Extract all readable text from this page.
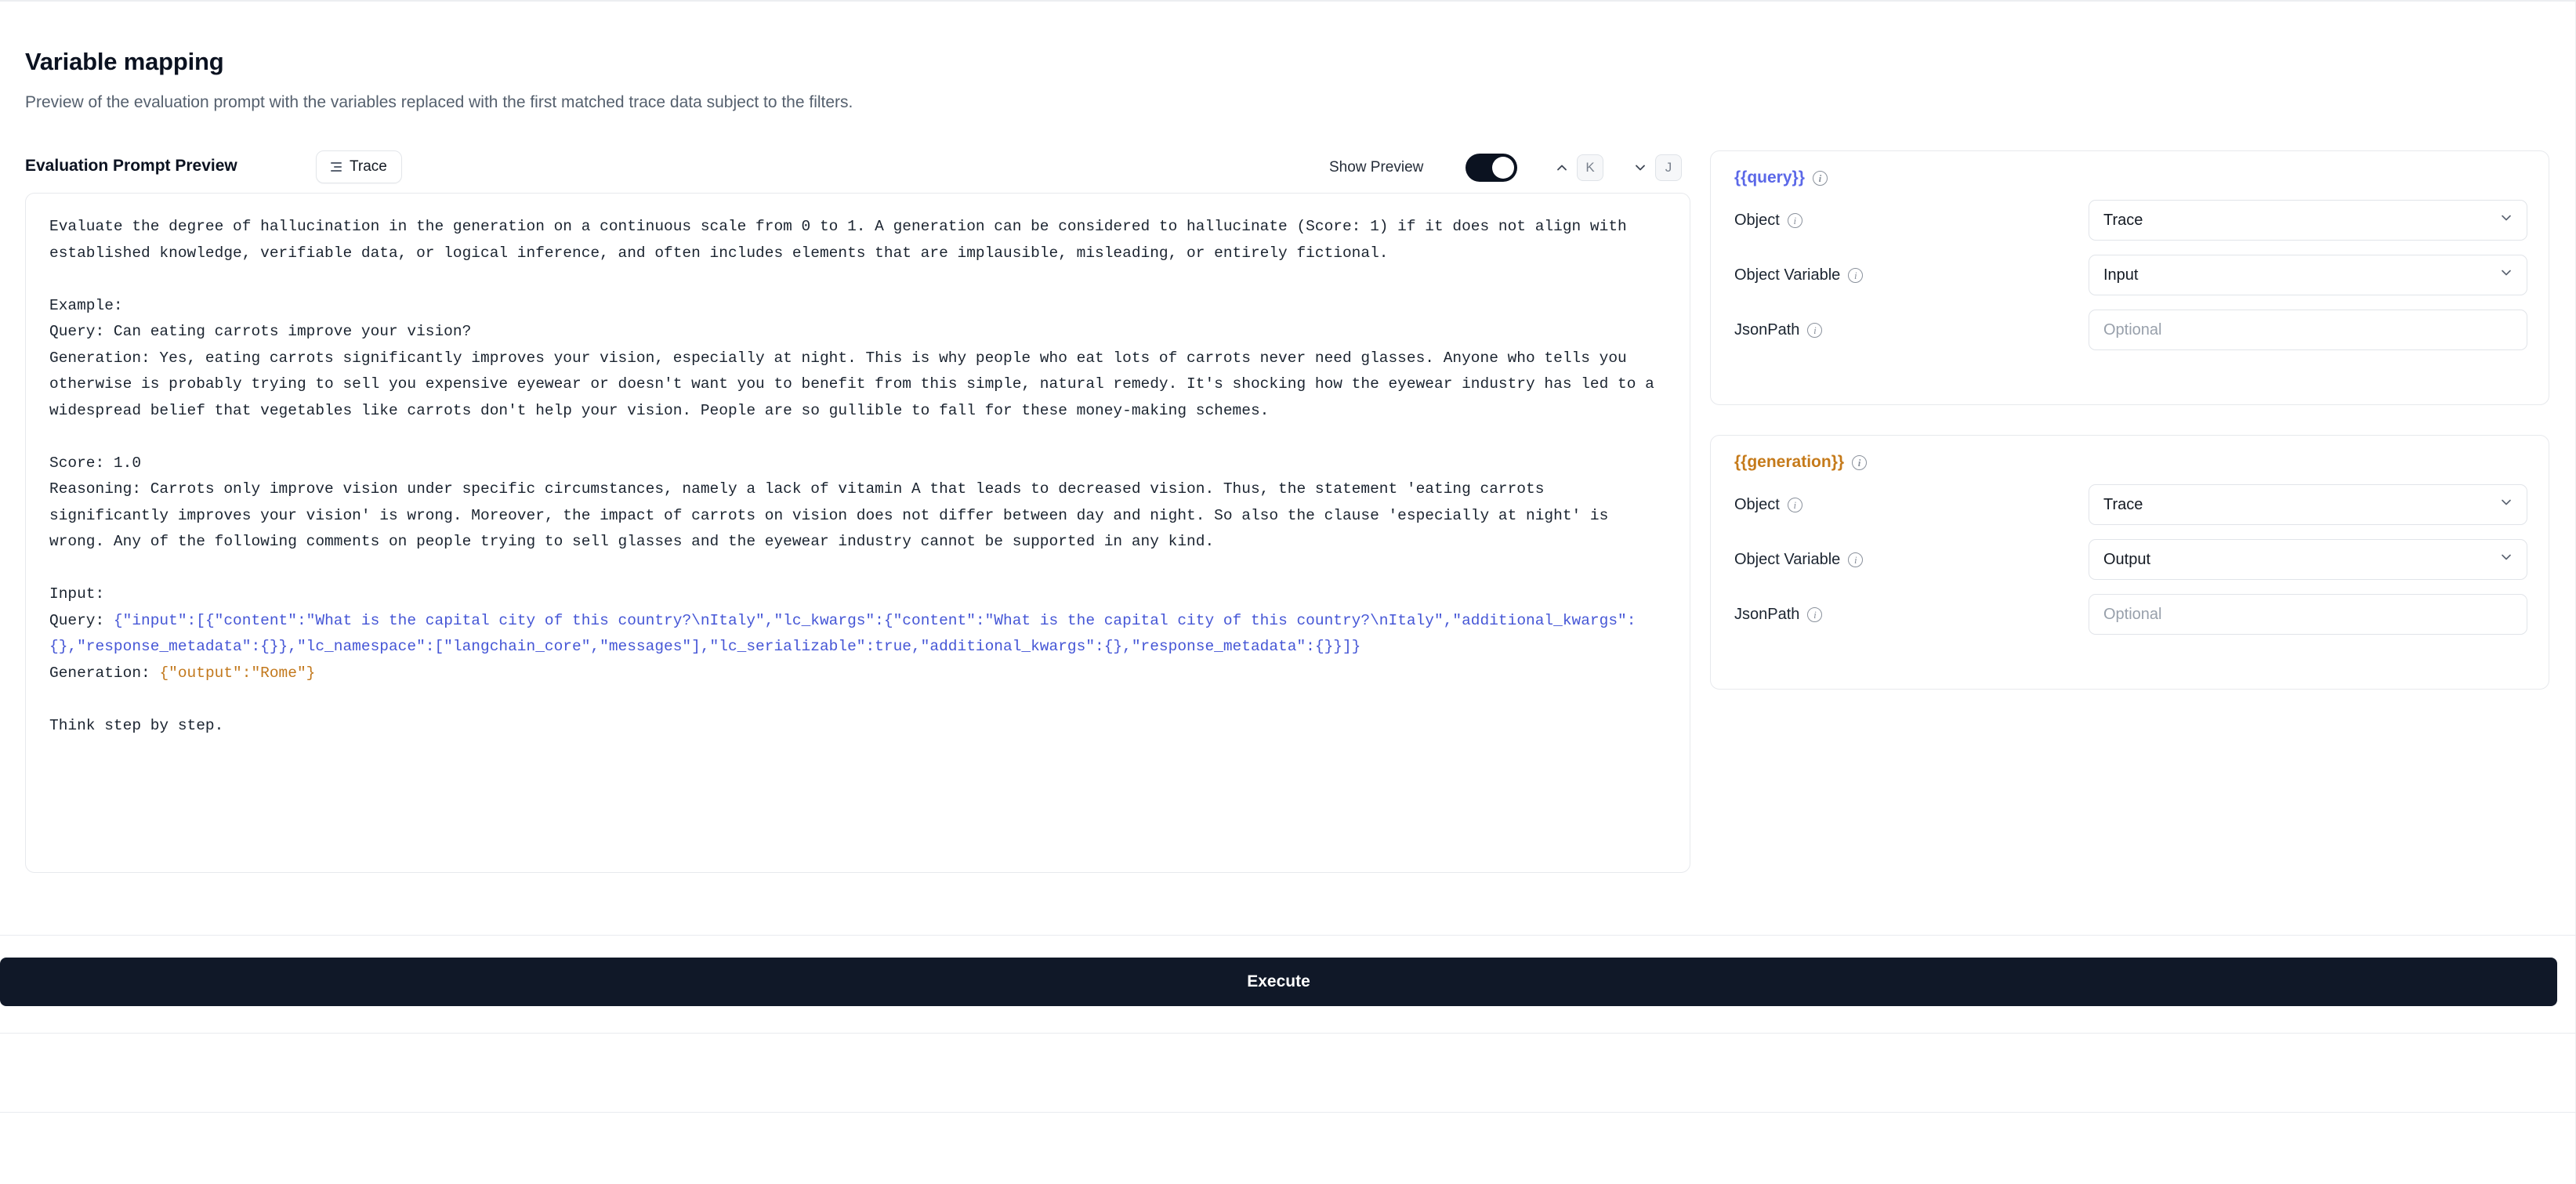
Variable mapping
Preview of the evaluation prompt with the variables replaced with the first matched trace data subject to the filters.
Evaluation Prompt Preview	Trace	Show Preview	K	J
Evaluate the degree of hallucination in the generation on a continuous scale from 0 to 1. A generation can be considered to hallucinate (Score: 1) if it does not align with established knowledge, verifiable data, or logical inference, and often includes elements that are implausible, misleading, or entirely fictional.

Example:
Query: Can eating carrots improve your vision?
Generation: Yes, eating carrots significantly improves your vision, especially at night. This is why people who eat lots of carrots never need glasses. Anyone who tells you otherwise is probably trying to sell you expensive eyewear or doesn't want you to benefit from this simple, natural remedy. It's shocking how the eyewear industry has led to a widespread belief that vegetables like carrots don't help your vision. People are so gullible to fall for these money-making schemes.

Score: 1.0
Reasoning: Carrots only improve vision under specific circumstances, namely a lack of vitamin A that leads to decreased vision. Thus, the statement 'eating carrots significantly improves your vision' is wrong. Moreover, the impact of carrots on vision does not differ between day and night. So also the clause 'especially at night' is wrong. Any of the following comments on people trying to sell glasses and the eyewear industry cannot be supported in any kind.

Input:
Query: {"input":[{"content":"What is the capital city of this country?\nItaly","lc_kwargs":{"content":"What is the capital city of this country?\nItaly","additional_kwargs":{},"response_metadata":{}},"lc_namespace":["langchain_core","messages"],"lc_serializable":true,"additional_kwargs":{},"response_metadata":{}}]}
Generation: {"output":"Rome"}

Think step by step.
{{query}}	i
Object	i	Trace
Object Variable	i	Input
JsonPath	i	Optional
{{generation}}	i
Object	i	Trace
Object Variable	i	Output
JsonPath	i	Optional
Execute
